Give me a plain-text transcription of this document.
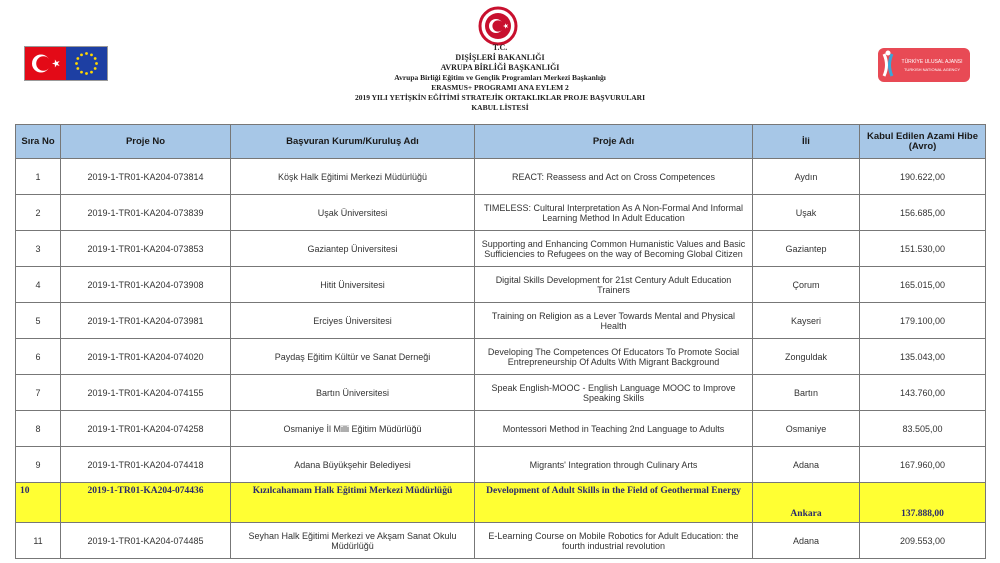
TÜRKİYE ULUSAL AJANSI
TURKISH NATIONAL AGENCY
T.C.
DIŞİŞLERİ BAKANLIĞI
AVRUPA BİRLİĞİ BAŞKANLIĞI
Avrupa Birliği Eğitim ve Gençlik Programları Merkezi Başkanlığı
ERASMUS+ PROGRAMI ANA EYLEM 2
2019 YILI YETİŞKİN EĞİTİMİ STRATEJİK ORTAKLIKLAR PROJE BAŞVURULARI
KABUL LİSTESİ
Sıra No	Proje No	Başvuran Kurum/Kuruluş Adı	Proje Adı	İli	Kabul Edilen Azami Hibe (Avro)
1	2019-1-TR01-KA204-073814	Köşk Halk Eğitimi Merkezi Müdürlüğü	REACT: Reassess and Act on Cross Competences	Aydın	190.622,00
2	2019-1-TR01-KA204-073839	Uşak Üniversitesi	TIMELESS: Cultural Interpretation As A Non-Formal And Informal Learning Method In Adult Education	Uşak	156.685,00
3	2019-1-TR01-KA204-073853	Gaziantep Üniversitesi	Supporting and Enhancing Common Humanistic Values and Basic Sufficiencies to Refugees on the way of Becoming Global Citizen	Gaziantep	151.530,00
4	2019-1-TR01-KA204-073908	Hitit Üniversitesi	Digital Skills Development for 21st Century Adult Education Trainers	Çorum	165.015,00
5	2019-1-TR01-KA204-073981	Erciyes Üniversitesi	Training on Religion as a Lever Towards Mental and Physical Health	Kayseri	179.100,00
6	2019-1-TR01-KA204-074020	Paydaş Eğitim Kültür ve Sanat Derneği	Developing The Competences Of Educators To Promote Social Entrepreneurship Of Adults With Migrant Background	Zonguldak	135.043,00
7	2019-1-TR01-KA204-074155	Bartın Üniversitesi	Speak English-MOOC - English Language MOOC to Improve Speaking Skills	Bartın	143.760,00
8	2019-1-TR01-KA204-074258	Osmaniye İl Milli Eğitim Müdürlüğü	Montessori Method in Teaching 2nd Language to Adults	Osmaniye	83.505,00
9	2019-1-TR01-KA204-074418	Adana Büyükşehir Belediyesi	Migrants' Integration through Culinary Arts	Adana	167.960,00
10	2019-1-TR01-KA204-074436	Kızılcahamam Halk Eğitimi Merkezi Müdürlüğü	Development of Adult Skills in the Field of Geothermal Energy	Ankara	137.888,00
11	2019-1-TR01-KA204-074485	Seyhan Halk Eğitimi Merkezi ve Akşam Sanat Okulu Müdürlüğü	E-Learning Course on Mobile Robotics for Adult Education: the fourth industrial revolution	Adana	209.553,00
